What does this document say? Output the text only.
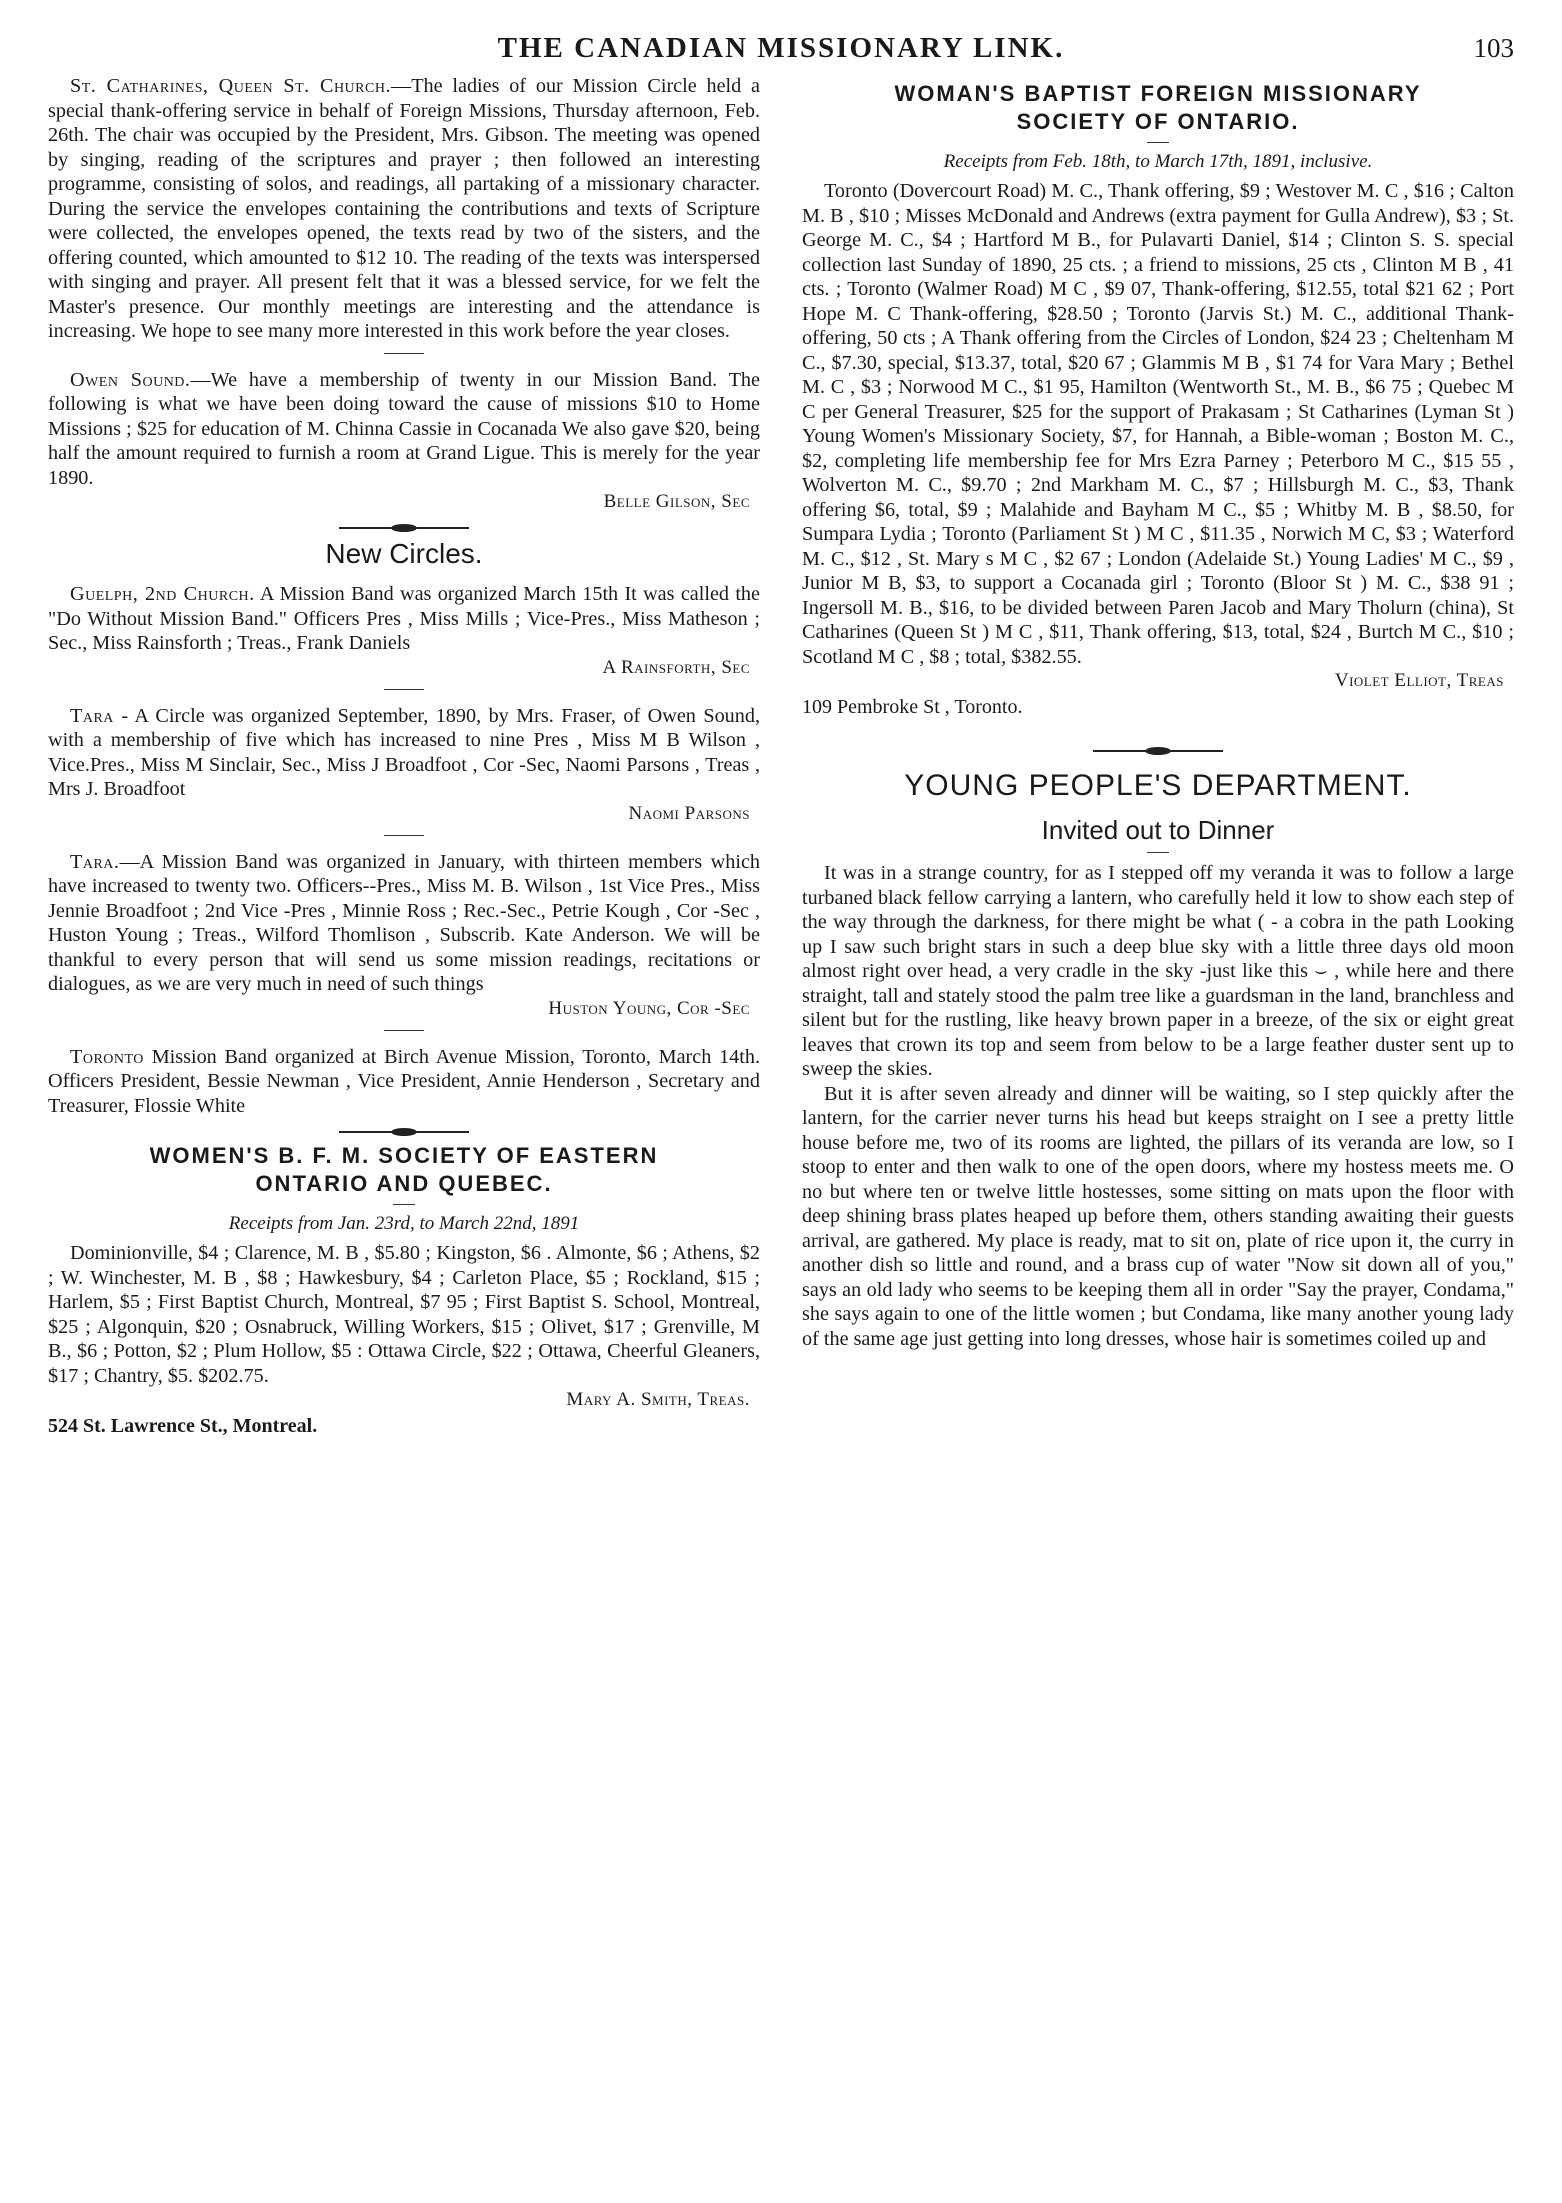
THE CANADIAN MISSIONARY LINK.	103

St. Catharines, Queen St. Church.—The ladies of our Mission Circle held a special thank-offering service in behalf of Foreign Missions, Thursday afternoon, Feb. 26th. The chair was occupied by the President, Mrs. Gibson. The meeting was opened by singing, reading of the scriptures and prayer ; then followed an interesting programme, consisting of solos, and readings, all partaking of a missionary character. During the service the envelopes containing the contributions and texts of Scripture were collected, the envelopes opened, the texts read by two of the sisters, and the offering counted, which amounted to $12 10. The reading of the texts was interspersed with singing and prayer. All present felt that it was a blessed service, for we felt the Master's presence. Our monthly meetings are interesting and the attendance is increasing. We hope to see many more interested in this work before the year closes.

Owen Sound.—We have a membership of twenty in our Mission Band. The following is what we have been doing toward the cause of missions $10 to Home Missions ; $25 for education of M. Chinna Cassie in Cocanada We also gave $20, being half the amount required to furnish a room at Grand Ligue. This is merely for the year 1890.

Belle Gilson, Sec

New Circles.

Guelph, 2nd Church. A Mission Band was organized March 15th It was called the "Do Without Mission Band." Officers Pres , Miss Mills ; Vice-Pres., Miss Matheson ; Sec., Miss Rainsforth ; Treas., Frank Daniels

A Rainsforth, Sec

Tara - A Circle was organized September, 1890, by Mrs. Fraser, of Owen Sound, with a membership of five which has increased to nine Pres , Miss M B Wilson , Vice.Pres., Miss M Sinclair, Sec., Miss J Broadfoot , Cor -Sec, Naomi Parsons , Treas , Mrs J. Broadfoot

Naomi Parsons

Tara.—A Mission Band was organized in January, with thirteen members which have increased to twenty two. Officers--Pres., Miss M. B. Wilson , 1st Vice Pres., Miss Jennie Broadfoot ; 2nd Vice -Pres , Minnie Ross ; Rec.-Sec., Petrie Kough , Cor -Sec , Huston Young ; Treas., Wilford Thomlison , Subscrib. Kate Anderson. We will be thankful to every person that will send us some mission readings, recitations or dialogues, as we are very much in need of such things

Huston Young, Cor -Sec

Toronto Mission Band organized at Birch Avenue Mission, Toronto, March 14th. Officers President, Bessie Newman , Vice President, Annie Henderson , Secretary and Treasurer, Flossie White

WOMEN'S B. F. M. SOCIETY OF EASTERN
ONTARIO AND QUEBEC.

Receipts from Jan. 23rd, to March 22nd, 1891

Dominionville, $4 ; Clarence, M. B , $5.80 ; Kingston, $6 . Almonte, $6 ; Athens, $2 ; W. Winchester, M. B , $8 ; Hawkesbury, $4 ; Carleton Place, $5 ; Rockland, $15 ; Harlem, $5 ; First Baptist Church, Montreal, $7 95 ; First Baptist S. School, Montreal, $25 ; Algonquin, $20 ; Osnabruck, Willing Workers, $15 ; Olivet, $17 ; Grenville, M B., $6 ; Potton, $2 ; Plum Hollow, $5 : Ottawa Circle, $22 ; Ottawa, Cheerful Gleaners, $17 ; Chantry, $5. $202.75.

Mary A. Smith, Treas.

524 St. Lawrence St., Montreal.

WOMAN'S BAPTIST FOREIGN MISSIONARY
SOCIETY OF ONTARIO.

Receipts from Feb. 18th, to March 17th, 1891, inclusive.

Toronto (Dovercourt Road) M. C., Thank offering, $9 ; Westover M. C , $16 ; Calton M. B , $10 ; Misses McDonald and Andrews (extra payment for Gulla Andrew), $3 ; St. George M. C., $4 ; Hartford M B., for Pulavarti Daniel, $14 ; Clinton S. S. special collection last Sunday of 1890, 25 cts. ; a friend to missions, 25 cts , Clinton M B , 41 cts. ; Toronto (Walmer Road) M C , $9 07, Thank-offering, $12.55, total $21 62 ; Port Hope M. C Thank-offering, $28.50 ; Toronto (Jarvis St.) M. C., additional Thank-offering, 50 cts ; A Thank offering from the Circles of London, $24 23 ; Cheltenham M C., $7.30, special, $13.37, total, $20 67 ; Glammis M B , $1 74 for Vara Mary ; Bethel M. C , $3 ; Norwood M C., $1 95, Hamilton (Wentworth St., M. B., $6 75 ; Quebec M C per General Treasurer, $25 for the support of Prakasam ; St Catharines (Lyman St ) Young Women's Missionary Society, $7, for Hannah, a Bible-woman ; Boston M. C., $2, completing life membership fee for Mrs Ezra Parney ; Peterboro M C., $15 55 , Wolverton M. C., $9.70 ; 2nd Markham M. C., $7 ; Hillsburgh M. C., $3, Thank offering $6, total, $9 ; Malahide and Bayham M C., $5 ; Whitby M. B , $8.50, for Sumpara Lydia ; Toronto (Parliament St ) M C , $11.35 , Norwich M C, $3 ; Waterford M. C., $12 , St. Mary s M C , $2 67 ; London (Adelaide St.) Young Ladies' M C., $9 , Junior M B, $3, to support a Cocanada girl ; Toronto (Bloor St ) M. C., $38 91 ; Ingersoll M. B., $16, to be divided between Paren Jacob and Mary Tholurn (china), St Catharines (Queen St ) M C , $11, Thank offering, $13, total, $24 , Burtch M C., $10 ; Scotland M C , $8 ; total, $382.55.

Violet Elliot, Treas

109 Pembroke St , Toronto.

YOUNG PEOPLE'S DEPARTMENT.
Invited out to Dinner

It was in a strange country, for as I stepped off my veranda it was to follow a large turbaned black fellow carrying a lantern, who carefully held it low to show each step of the way through the darkness, for there might be what ( - a cobra in the path Looking up I saw such bright stars in such a deep blue sky with a little three days old moon almost right over head, a very cradle in the sky -just like this ⌣ , while here and there straight, tall and stately stood the palm tree like a guardsman in the land, branchless and silent but for the rustling, like heavy brown paper in a breeze, of the six or eight great leaves that crown its top and seem from below to be a large feather duster sent up to sweep the skies.

But it is after seven already and dinner will be waiting, so I step quickly after the lantern, for the carrier never turns his head but keeps straight on I see a pretty little house before me, two of its rooms are lighted, the pillars of its veranda are low, so I stoop to enter and then walk to one of the open doors, where my hostess meets me. O no but where ten or twelve little hostesses, some sitting on mats upon the floor with deep shining brass plates heaped up before them, others standing awaiting their guests arrival, are gathered. My place is ready, mat to sit on, plate of rice upon it, the curry in another dish so little and round, and a brass cup of water "Now sit down all of you," says an old lady who seems to be keeping them all in order "Say the prayer, Condama," she says again to one of the little women ; but Condama, like many another young lady of the same age just getting into long dresses, whose hair is sometimes coiled up and
